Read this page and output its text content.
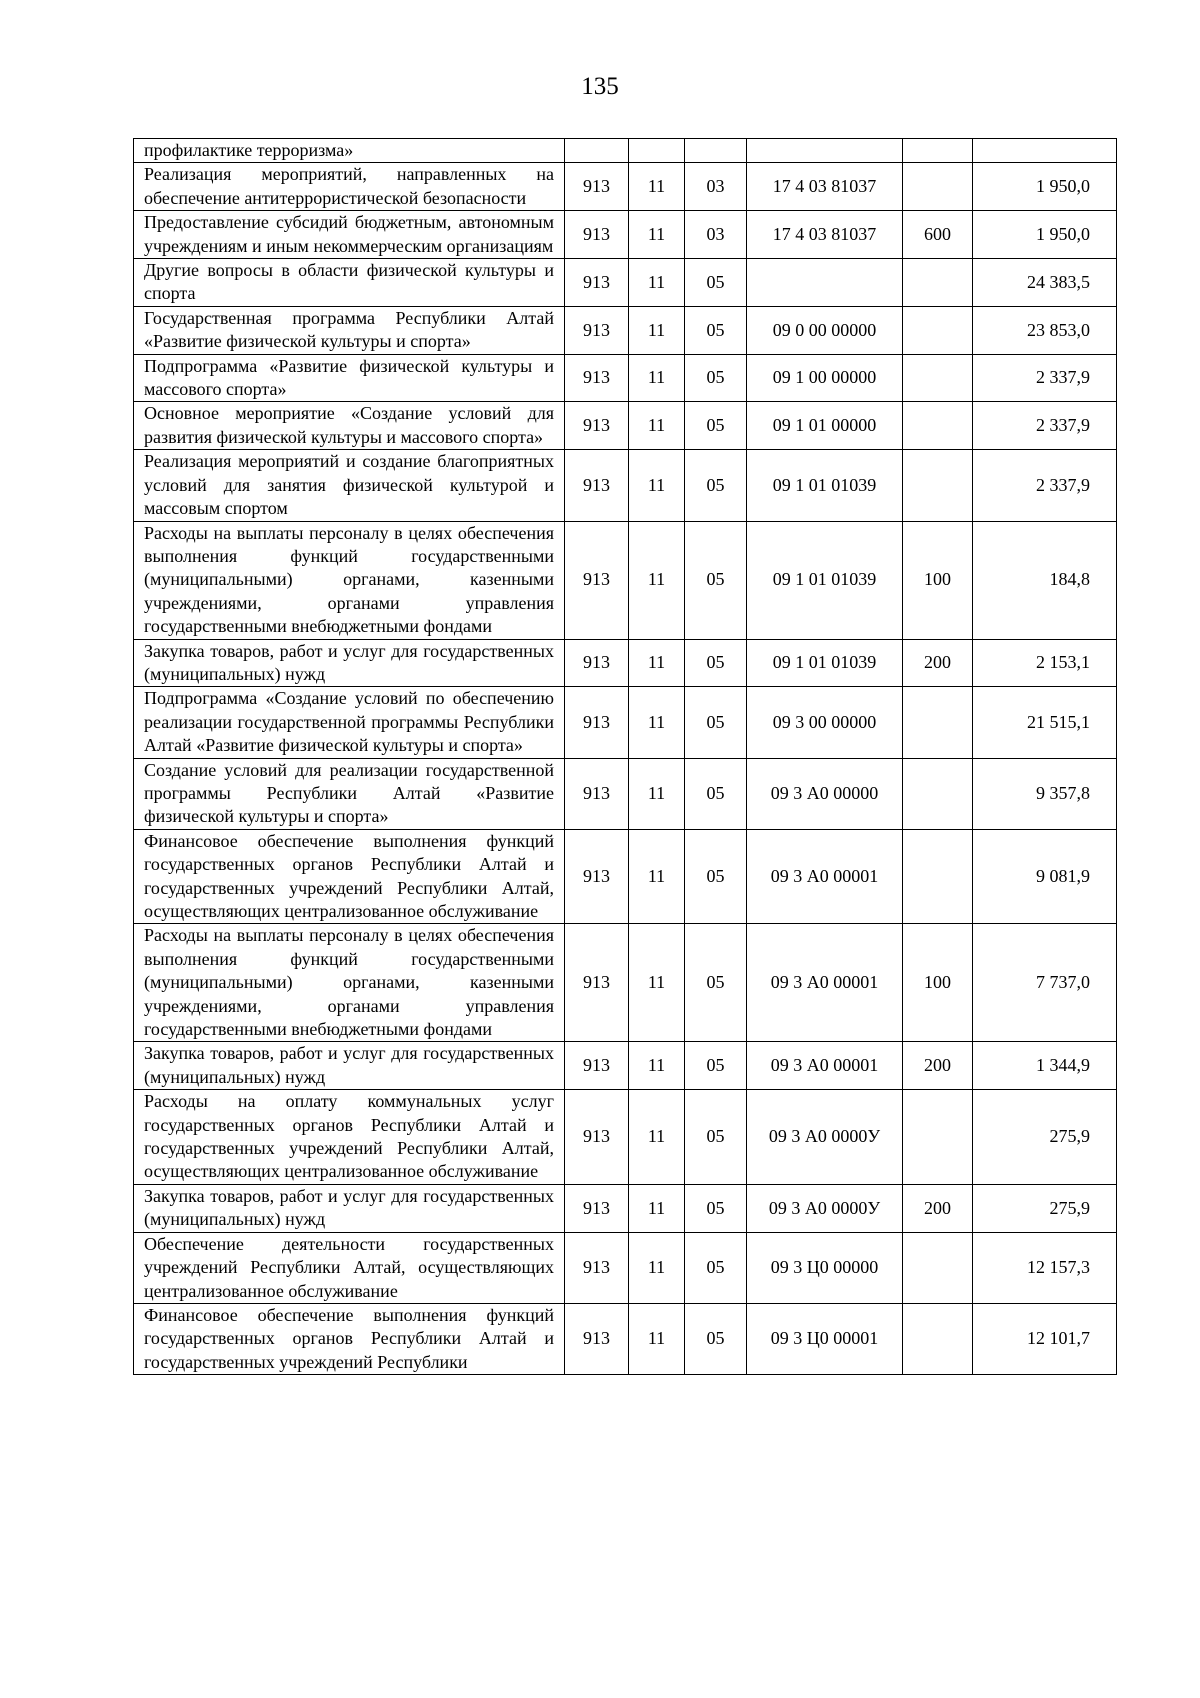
135
профилактике терроризма»						
Реализация мероприятий, направленных на обеспечение антитеррористической безопасности	913	11	03	17 4 03 81037		1 950,0
Предоставление субсидий бюджетным, автономным учреждениям и иным некоммерческим организациям	913	11	03	17 4 03 81037	600	1 950,0
Другие вопросы в области физической культуры и спорта	913	11	05			24 383,5
Государственная программа Республики Алтай «Развитие физической культуры и спорта»	913	11	05	09 0 00 00000		23 853,0
Подпрограмма «Развитие физической культуры и массового спорта»	913	11	05	09 1 00 00000		2 337,9
Основное мероприятие «Создание условий для развития физической культуры и массового спорта»	913	11	05	09 1 01 00000		2 337,9
Реализация мероприятий и создание благоприятных условий для занятия физической культурой и массовым спортом	913	11	05	09 1 01 01039		2 337,9
Расходы на выплаты персоналу в целях обеспечения выполнения функций государственными (муниципальными) органами, казенными учреждениями, органами управления государственными внебюджетными фондами	913	11	05	09 1 01 01039	100	184,8
Закупка товаров, работ и услуг для государственных (муниципальных) нужд	913	11	05	09 1 01 01039	200	2 153,1
Подпрограмма «Создание условий по обеспечению реализации государственной программы Республики Алтай «Развитие физической культуры и спорта»	913	11	05	09 3 00 00000		21 515,1
Создание условий для реализации государственной программы Республики Алтай «Развитие физической культуры и спорта»	913	11	05	09 3 А0 00000		9 357,8
Финансовое обеспечение выполнения функций государственных органов Республики Алтай и государственных учреждений Республики Алтай, осуществляющих централизованное обслуживание	913	11	05	09 3 А0 00001		9 081,9
Расходы на выплаты персоналу в целях обеспечения выполнения функций государственными (муниципальными) органами, казенными учреждениями, органами управления государственными внебюджетными фондами	913	11	05	09 3 А0 00001	100	7 737,0
Закупка товаров, работ и услуг для государственных (муниципальных) нужд	913	11	05	09 3 А0 00001	200	1 344,9
Расходы на оплату коммунальных услуг государственных органов Республики Алтай и государственных учреждений Республики Алтай, осуществляющих централизованное обслуживание	913	11	05	09 3 А0 0000У		275,9
Закупка товаров, работ и услуг для государственных (муниципальных) нужд	913	11	05	09 3 А0 0000У	200	275,9
Обеспечение деятельности государственных учреждений Республики Алтай, осуществляющих централизованное обслуживание	913	11	05	09 3 Ц0 00000		12 157,3
Финансовое обеспечение выполнения функций государственных органов Республики Алтай и государственных учреждений Республики	913	11	05	09 3 Ц0 00001		12 101,7
